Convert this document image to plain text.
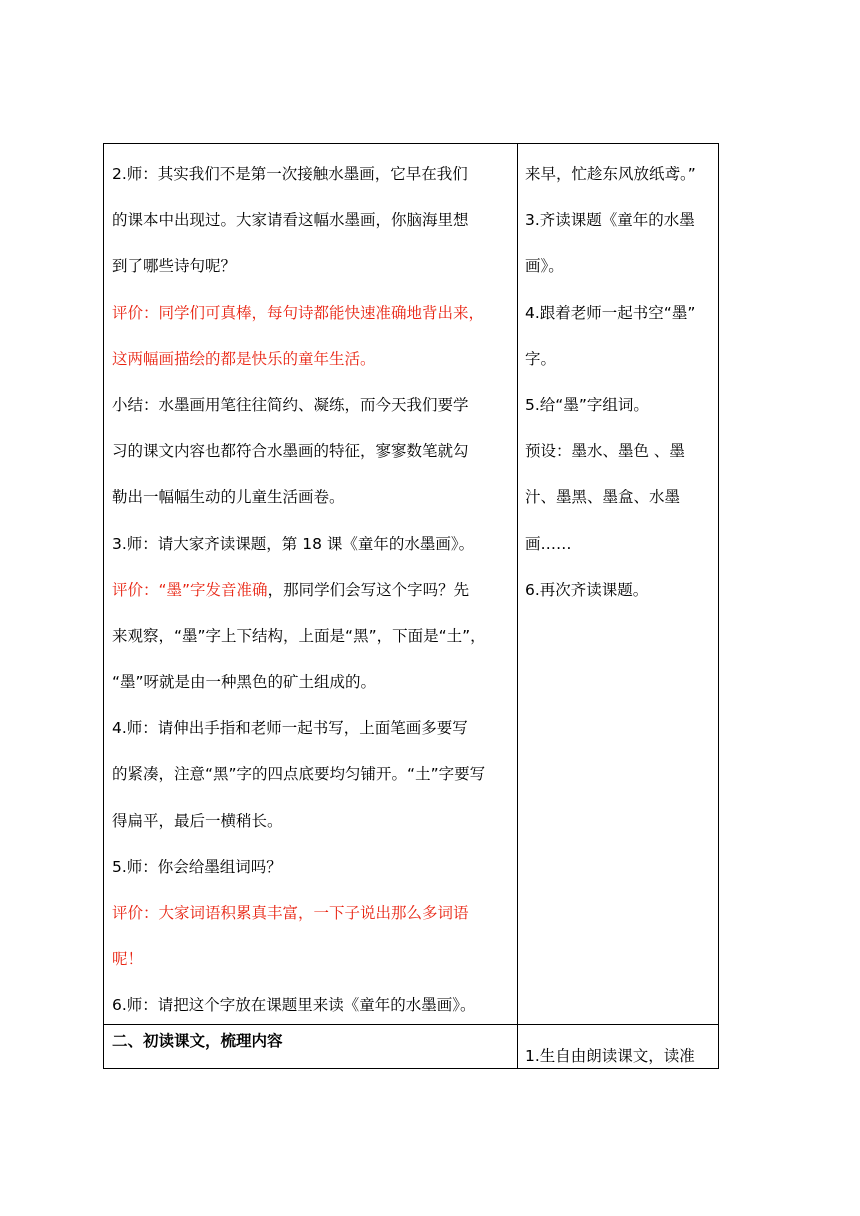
2.师：其实我们不是第一次接触水墨画，它早在我们
的课本中出现过。大家请看这幅水墨画，你脑海里想
到了哪些诗句呢？
评价：同学们可真棒，每句诗都能快速准确地背出来，
这两幅画描绘的都是快乐的童年生活。
小结：水墨画用笔往往简约、凝练，而今天我们要学
习的课文内容也都符合水墨画的特征，寥寥数笔就勾
勒出一幅幅生动的儿童生活画卷。
3.师：请大家齐读课题，第 18 课《童年的水墨画》。
评价：“墨”字发音准确，那同学们会写这个字吗？先
来观察，“墨”字上下结构，上面是“黑”，下面是“土”，
“墨”呀就是由一种黑色的矿土组成的。
4.师：请伸出手指和老师一起书写，上面笔画多要写
的紧凑，注意“黑”字的四点底要均匀铺开。“土”字要写
得扁平，最后一横稍长。
5.师：你会给墨组词吗？
评价：大家词语积累真丰富，一下子说出那么多词语
呢！
6.师：请把这个字放在课题里来读《童年的水墨画》。
来早，忙趁东风放纸鸢。”
3.齐读课题《童年的水墨
画》。
4.跟着老师一起书空“墨”
字。
5.给“墨”字组词。
预设：墨水、墨色 、墨
汁、墨黑、墨盒、水墨
画……
6.再次齐读课题。
二、初读课文，梳理内容
1.生自由朗读课文，读准
